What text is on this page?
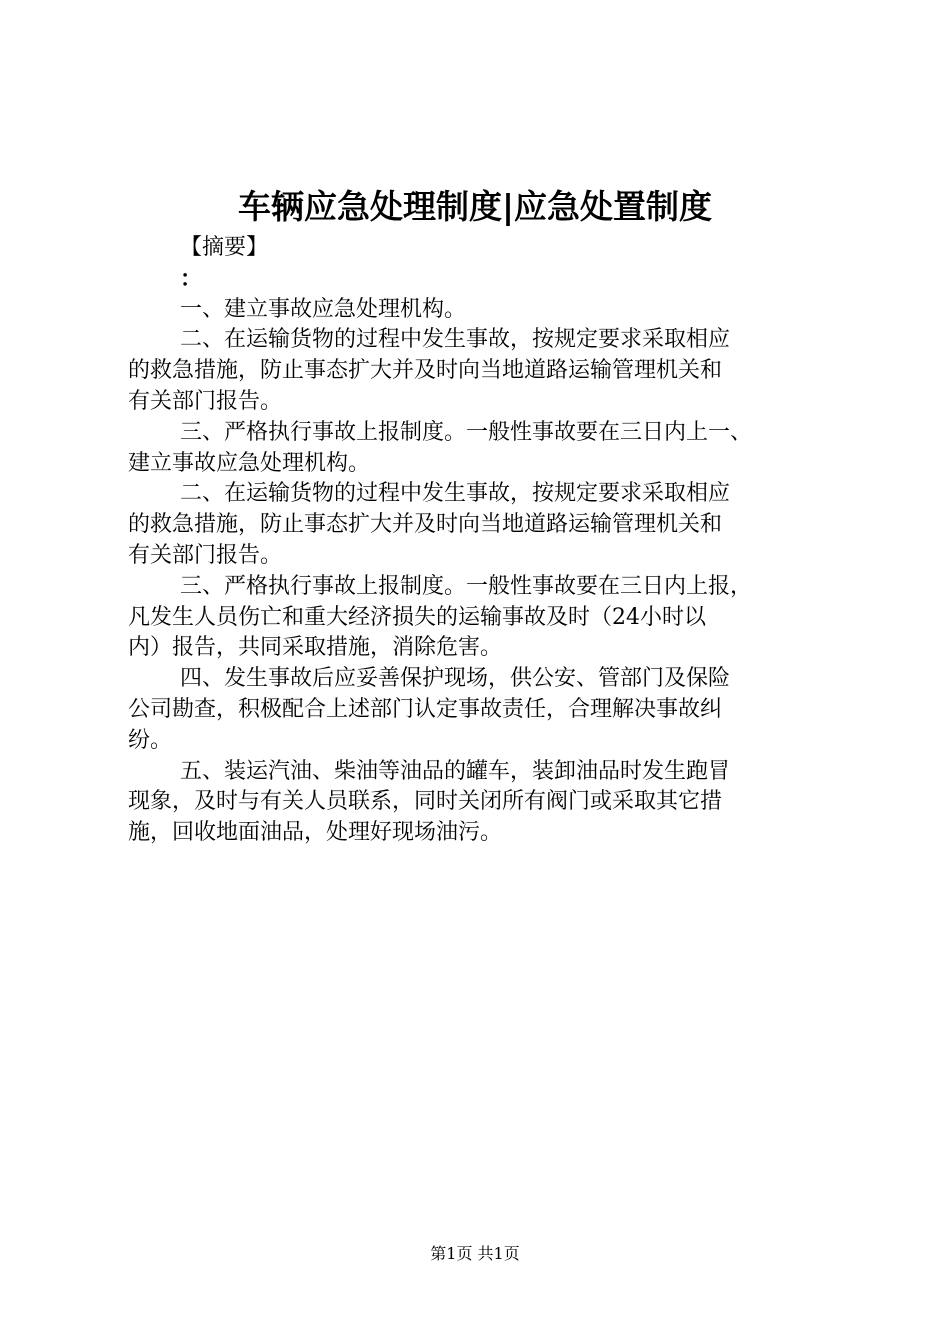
车辆应急处理制度|应急处置制度
【摘要】
：
一、建立事故应急处理机构。
二、在运输货物的过程中发生事故，按规定要求采取相应
的救急措施，防止事态扩大并及时向当地道路运输管理机关和
有关部门报告。
三、严格执行事故上报制度。一般性事故要在三日内上一、
建立事故应急处理机构。
二、在运输货物的过程中发生事故，按规定要求采取相应
的救急措施，防止事态扩大并及时向当地道路运输管理机关和
有关部门报告。
三、严格执行事故上报制度。一般性事故要在三日内上报，
凡发生人员伤亡和重大经济损失的运输事故及时（24小时以
内）报告，共同采取措施，消除危害。
四、发生事故后应妥善保护现场，供公安、管部门及保险
公司勘查，积极配合上述部门认定事故责任，合理解决事故纠
纷。
五、装运汽油、柴油等油品的罐车，装卸油品时发生跑冒
现象，及时与有关人员联系，同时关闭所有阀门或采取其它措
施，回收地面油品，处理好现场油污。
第1页 共1页
